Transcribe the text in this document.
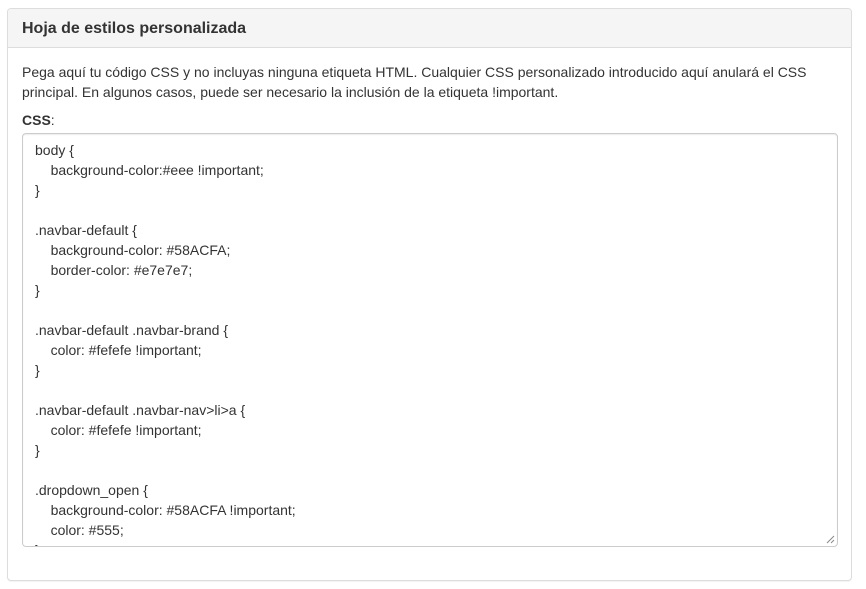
Hoja de estilos personalizada

Pega aquí tu código CSS y no incluyas ninguna etiqueta HTML. Cualquier CSS personalizado introducido aquí anulará el CSS principal. En algunos casos, puede ser necesario la inclusión de la etiqueta !important.

CSS:
body { background-color:#eee !important; } .navbar-default { background-color: #58ACFA; border-color: #e7e7e7; } .navbar-default .navbar-brand { color: #fefefe !important; } .navbar-default .navbar-nav>li>a { color: #fefefe !important; } .dropdown_open { background-color: #58ACFA !important; color: #555; }
